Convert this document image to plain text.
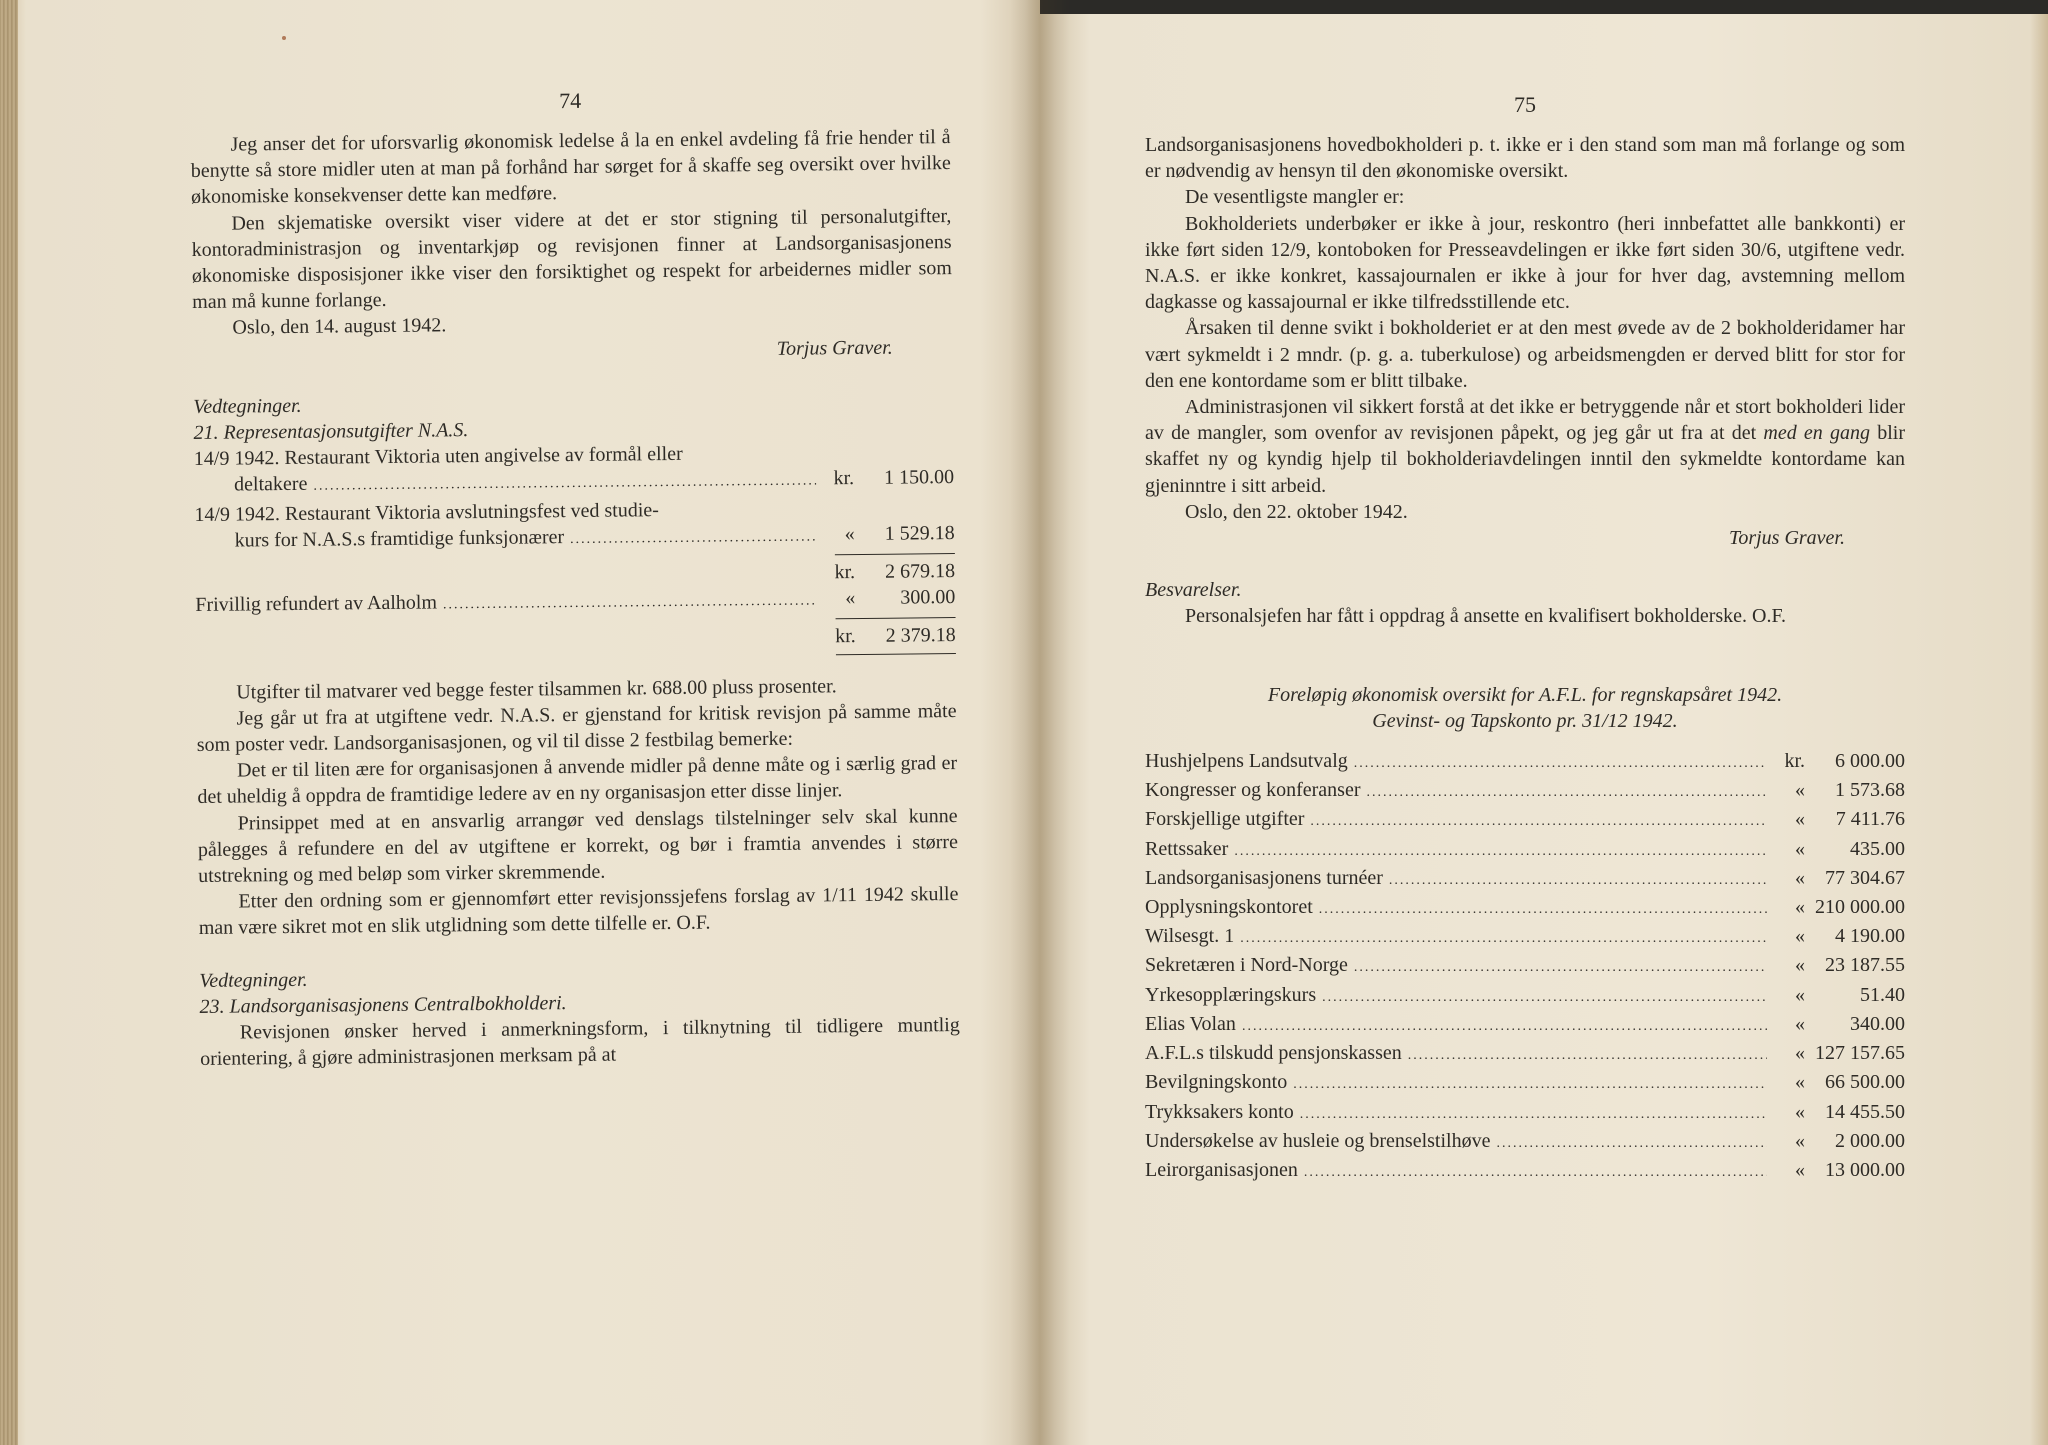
74

Jeg anser det for uforsvarlig økonomisk ledelse å la en enkel avdeling få frie hender til å benytte så store midler uten at man på forhånd har sørget for å skaffe seg oversikt over hvilke økonomiske konsekvenser dette kan medføre.

Den skjematiske oversikt viser videre at det er stor stigning til personalutgifter, kontoradministrasjon og inventarkjøp og revisjonen finner at Landsorganisasjonens økonomiske disposisjoner ikke viser den forsiktighet og respekt for arbeidernes midler som man må kunne forlange.

Oslo, den 14. august 1942.

Torjus Graver.

Vedtegninger.

21. Representasjonsutgifter N.A.S.

14/9 1942. Restaurant Viktoria uten angivelse av formål eller
deltakere .....	kr.	1 150.00
14/9 1942. Restaurant Viktoria avslutningsfest ved studie-
kurs for N.A.S.s framtidige funksjonærer .....	«	1 529.18
kr.	2 679.18
Frivillig refundert av Aalholm .....	«	300.00
kr.	2 379.18

Utgifter til matvarer ved begge fester tilsammen kr. 688.00 pluss prosenter.

Jeg går ut fra at utgiftene vedr. N.A.S. er gjenstand for kritisk revisjon på samme måte som poster vedr. Landsorganisasjonen, og vil til disse 2 festbilag bemerke:

Det er til liten ære for organisasjonen å anvende midler på denne måte og i særlig grad er det uheldig å oppdra de framtidige ledere av en ny organisasjon etter disse linjer.

Prinsippet med at en ansvarlig arrangør ved denslags tilstelninger selv skal kunne pålegges å refundere en del av utgiftene er korrekt, og bør i framtia anvendes i større utstrekning og med beløp som virker skremmende.

Etter den ordning som er gjennomført etter revisjonssjefens forslag av 1/11 1942 skulle man være sikret mot en slik utglidning som dette tilfelle er. O.F.

Vedtegninger.

23. Landsorganisasjonens Centralbokholderi.

Revisjonen ønsker herved i anmerkningsform, i tilknytning til tidligere muntlig orientering, å gjøre administrasjonen merksam på at

75

Landsorganisasjonens hovedbokholderi p. t. ikke er i den stand som man må forlange og som er nødvendig av hensyn til den økonomiske oversikt.

De vesentligste mangler er:

Bokholderiets underbøker er ikke à jour, reskontro (heri innbefattet alle bankkonti) er ikke ført siden 12/9, kontoboken for Presseavdelingen er ikke ført siden 30/6, utgiftene vedr. N.A.S. er ikke konkret, kassajournalen er ikke à jour for hver dag, avstemning mellom dagkasse og kassajournal er ikke tilfredsstillende etc.

Årsaken til denne svikt i bokholderiet er at den mest øvede av de 2 bokholderidamer har vært sykmeldt i 2 mndr. (p. g. a. tuberkulose) og arbeidsmengden er derved blitt for stor for den ene kontordame som er blitt tilbake.

Administrasjonen vil sikkert forstå at det ikke er betryggende når et stort bokholderi lider av de mangler, som ovenfor av revisjonen påpekt, og jeg går ut fra at det med en gang blir skaffet ny og kyndig hjelp til bokholderiavdelingen inntil den sykmeldte kontordame kan gjeninntre i sitt arbeid.

Oslo, den 22. oktober 1942.

Torjus Graver.

Besvarelser.

Personalsjefen har fått i oppdrag å ansette en kvalifisert bokholderske. O.F.

Foreløpig økonomisk oversikt for A.F.L. for regnskapsåret 1942.

Gevinst- og Tapskonto pr. 31/12 1942.

Hushjelpens Landsutvalg .....	kr.	6 000.00
Kongresser og konferanser .....	«	1 573.68
Forskjellige utgifter .....	«	7 411.76
Rettssaker .....	«	435.00
Landsorganisasjonens turnéer .....	«	77 304.67
Opplysningskontoret .....	« 210 000.00
Wilsesgt. 1 .....	«	4 190.00
Sekretæren i Nord-Norge .....	«	23 187.55
Yrkesopplæringskurs .....	«	51.40
Elias Volan .....	«	340.00
A.F.L.s tilskudd pensjonskassen .....	« 127 157.65
Bevilgningskonto .....	«	66 500.00
Trykksakers konto .....	«	14 455.50
Undersøkelse av husleie og brenselstilhøve .....	«	2 000.00
Leirorganisasjonen .....	«	13 000.00
